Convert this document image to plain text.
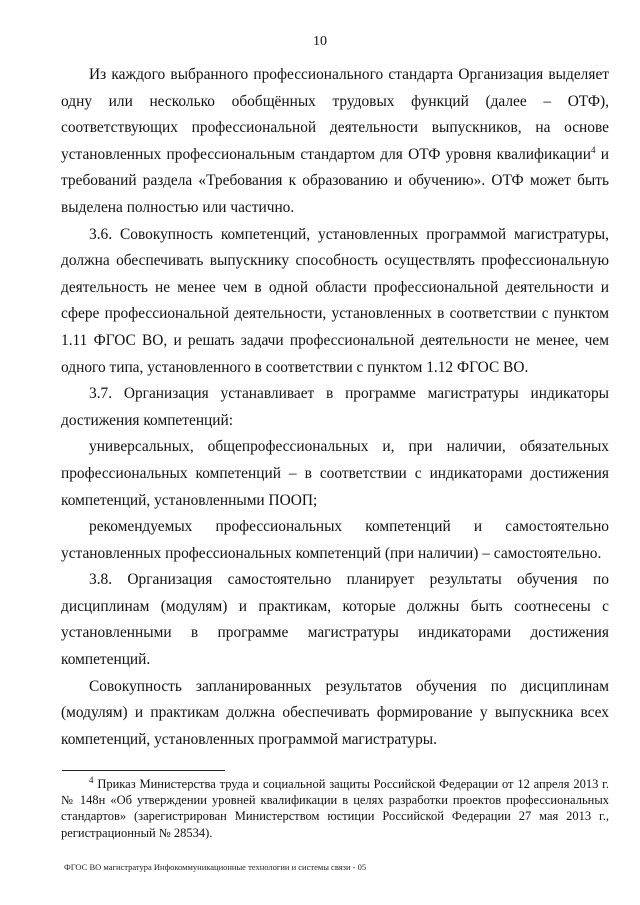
10

Из каждого выбранного профессионального стандарта Организация выделяет одну или несколько обобщённых трудовых функций (далее – ОТФ), соответствующих профессиональной деятельности выпускников, на основе установленных профессиональным стандартом для ОТФ уровня квалификации$^4$ и требований раздела «Требования к образованию и обучению». ОТФ может быть выделена полностью или частично.

3.6. Совокупность компетенций, установленных программой магистратуры, должна обеспечивать выпускнику способность осуществлять профессиональную деятельность не менее чем в одной области профессиональной деятельности и сфере профессиональной деятельности, установленных в соответствии с пунктом 1.11 ФГОС ВО, и решать задачи профессиональной деятельности не менее, чем одного типа, установленного в соответствии с пунктом 1.12 ФГОС ВО.

3.7. Организация устанавливает в программе магистратуры индикаторы достижения компетенций:

универсальных, общепрофессиональных и, при наличии, обязательных профессиональных компетенций – в соответствии с индикаторами достижения компетенций, установленными ПООП;

рекомендуемых профессиональных компетенций и самостоятельно установленных профессиональных компетенций (при наличии) – самостоятельно.

3.8. Организация самостоятельно планирует результаты обучения по дисциплинам (модулям) и практикам, которые должны быть соотнесены с установленными в программе магистратуры индикаторами достижения компетенций.

Совокупность запланированных результатов обучения по дисциплинам (модулям) и практикам должна обеспечивать формирование у выпускника всех компетенций, установленных программой магистратуры.

$^4$ Приказ Министерства труда и социальной защиты Российской Федерации от 12 апреля 2013 г. № 148н «Об утверждении уровней квалификации в целях разработки проектов профессиональных стандартов» (зарегистрирован Министерством юстиции Российской Федерации 27 мая 2013 г., регистрационный № 28534).
ФГОС ВО магистратура Инфокоммуникационные технологии и системы связи - 05
